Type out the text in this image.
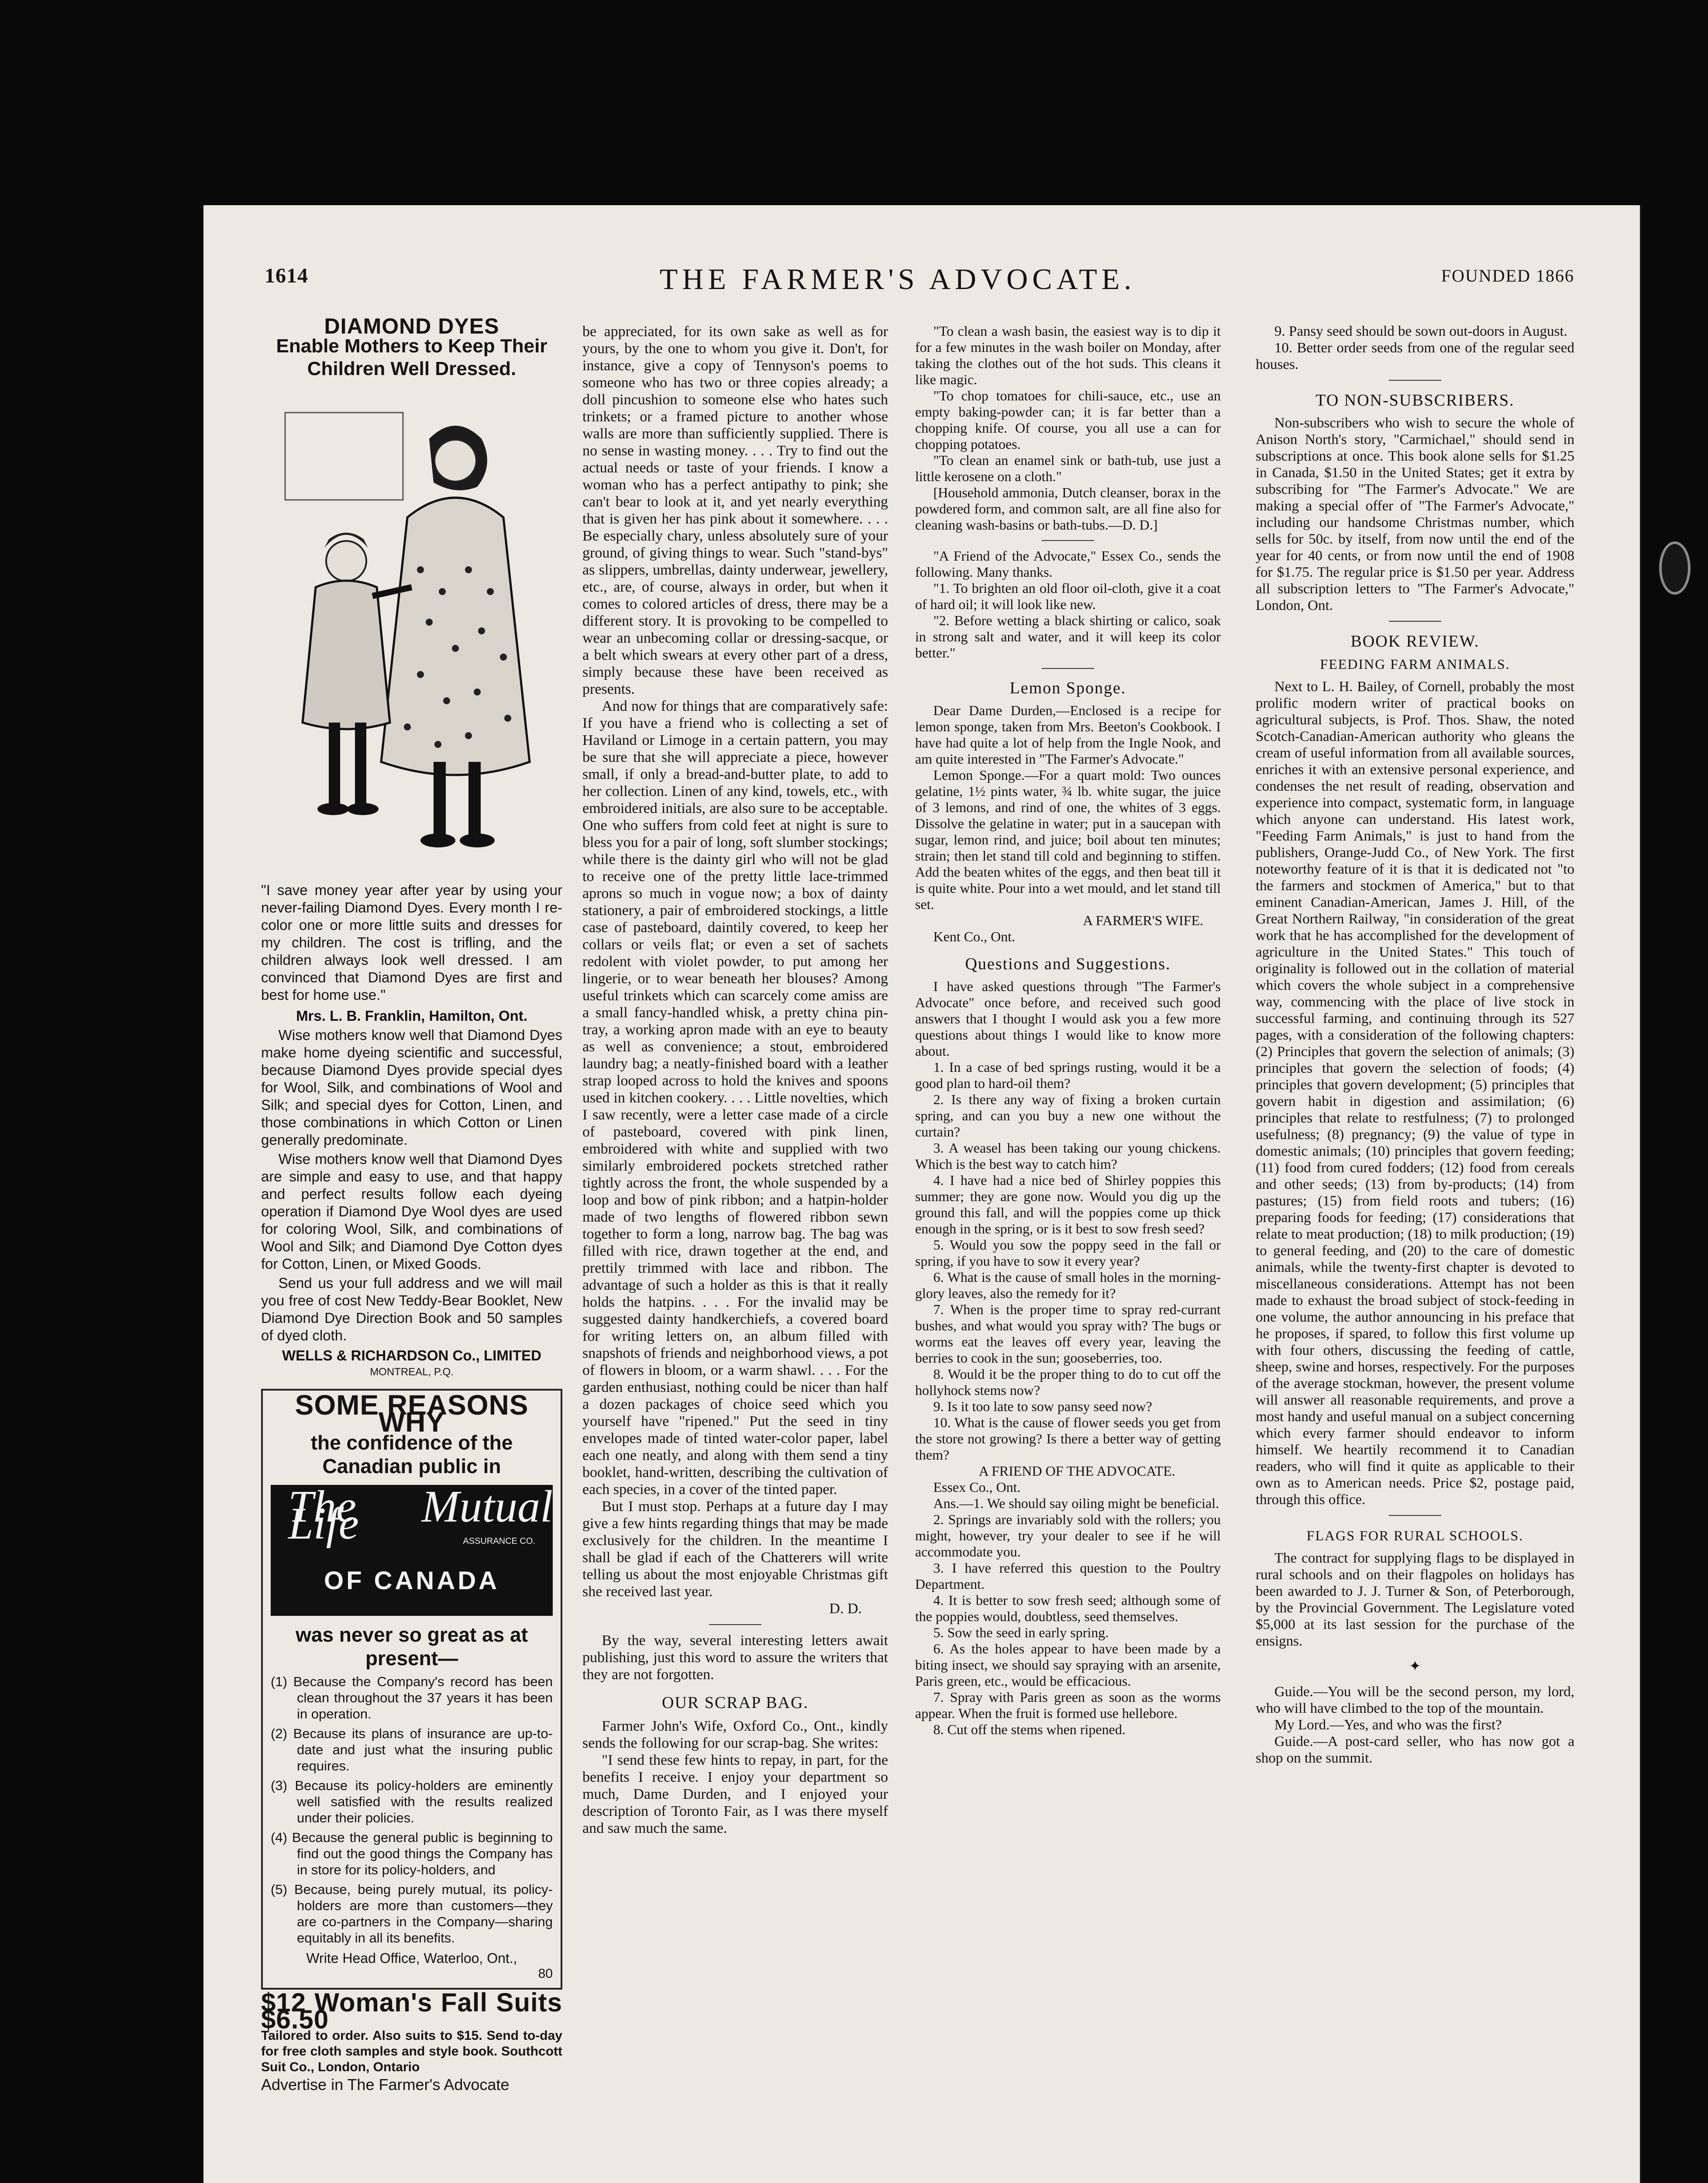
1614	THE FARMER'S ADVOCATE.	FOUNDED 1866
DIAMOND DYES
Enable Mothers to Keep Their Children Well Dressed.
"I save money year after year by using your never-failing Diamond Dyes. Every month I re-color one or more little suits and dresses for my children. The cost is trifling, and the children always look well dressed. I am convinced that Diamond Dyes are first and best for home use."
Mrs. L. B. Franklin, Hamilton, Ont.
Wise mothers know well that Diamond Dyes make home dyeing scientific and successful, because Diamond Dyes provide special dyes for Wool, Silk, and combinations of Wool and Silk; and special dyes for Cotton, Linen, and those combinations in which Cotton or Linen generally predominate.
Wise mothers know well that Diamond Dyes are simple and easy to use, and that happy and perfect results follow each dyeing operation if Diamond Dye Wool dyes are used for coloring Wool, Silk, and combinations of Wool and Silk; and Diamond Dye Cotton dyes for Cotton, Linen, or Mixed Goods.
Send us your full address and we will mail you free of cost New Teddy-Bear Booklet, New Diamond Dye Direction Book and 50 samples of dyed cloth.
WELLS & RICHARDSON Co., LIMITED
MONTREAL, P.Q.
SOME REASONS WHY
the confidence of the Canadian public in
The Mutual Life	ASSURANCE CO.
OF CANADA
was never so great as at present—
(1) Because the Company's record has been clean throughout the 37 years it has been in operation.
(2) Because its plans of insurance are up-to-date and just what the insuring public requires.
(3) Because its policy-holders are eminently well satisfied with the results realized under their policies.
(4) Because the general public is beginning to find out the good things the Company has in store for its policy-holders, and
(5) Because, being purely mutual, its policy-holders are more than customers—they are co-partners in the Company—sharing equitably in all its benefits.
Write Head Office, Waterloo, Ont.,
80
$12 Woman's Fall Suits $6.50
Tailored to order. Also suits to $15. Send to-day for free cloth samples and style book. Southcott Suit Co., London, Ontario
Advertise in The Farmer's Advocate

be appreciated, for its own sake as well as for yours, by the one to whom you give it. Don't, for instance, give a copy of Tennyson's poems to someone who has two or three copies already; a doll pincushion to someone else who hates such trinkets; or a framed picture to another whose walls are more than sufficiently supplied. There is no sense in wasting money. . . . Try to find out the actual needs or taste of your friends. I know a woman who has a perfect antipathy to pink; she can't bear to look at it, and yet nearly everything that is given her has pink about it somewhere. . . . Be especially chary, unless absolutely sure of your ground, of giving things to wear. Such "stand-bys" as slippers, umbrellas, dainty underwear, jewellery, etc., are, of course, always in order, but when it comes to colored articles of dress, there may be a different story. It is provoking to be compelled to wear an unbecoming collar or dressing-sacque, or a belt which swears at every other part of a dress, simply because these have been received as presents.

And now for things that are comparatively safe: If you have a friend who is collecting a set of Haviland or Limoge in a certain pattern, you may be sure that she will appreciate a piece, however small, if only a bread-and-butter plate, to add to her collection. Linen of any kind, towels, etc., with embroidered initials, are also sure to be acceptable. One who suffers from cold feet at night is sure to bless you for a pair of long, soft slumber stockings; while there is the dainty girl who will not be glad to receive one of the pretty little lace-trimmed aprons so much in vogue now; a box of dainty stationery, a pair of embroidered stockings, a little case of pasteboard, daintily covered, to keep her collars or veils flat; or even a set of sachets redolent with violet powder, to put among her lingerie, or to wear beneath her blouses? Among useful trinkets which can scarcely come amiss are a small fancy-handled whisk, a pretty china pin-tray, a working apron made with an eye to beauty as well as convenience; a stout, embroidered laundry bag; a neatly-finished board with a leather strap looped across to hold the knives and spoons used in kitchen cookery. . . . Little novelties, which I saw recently, were a letter case made of a circle of pasteboard, covered with pink linen, embroidered with white and supplied with two similarly embroidered pockets stretched rather tightly across the front, the whole suspended by a loop and bow of pink ribbon; and a hatpin-holder made of two lengths of flowered ribbon sewn together to form a long, narrow bag. The bag was filled with rice, drawn together at the end, and prettily trimmed with lace and ribbon. The advantage of such a holder as this is that it really holds the hatpins. . . . For the invalid may be suggested dainty handkerchiefs, a covered board for writing letters on, an album filled with snapshots of friends and neighborhood views, a pot of flowers in bloom, or a warm shawl. . . . For the garden enthusiast, nothing could be nicer than half a dozen packages of choice seed which you yourself have "ripened." Put the seed in tiny envelopes made of tinted water-color paper, label each one neatly, and along with them send a tiny booklet, hand-written, describing the cultivation of each species, in a cover of the tinted paper.

But I must stop. Perhaps at a future day I may give a few hints regarding things that may be made exclusively for the children. In the meantime I shall be glad if each of the Chatterers will write telling us about the most enjoyable Christmas gift she received last year.

D. D.

By the way, several interesting letters await publishing, just this word to assure the writers that they are not forgotten.

OUR SCRAP BAG.

Farmer John's Wife, Oxford Co., Ont., kindly sends the following for our scrap-bag. She writes:

"I send these few hints to repay, in part, for the benefits I receive. I enjoy your department so much, Dame Durden, and I enjoyed your description of Toronto Fair, as I was there myself and saw much the same.

"To clean a wash basin, the easiest way is to dip it for a few minutes in the wash boiler on Monday, after taking the clothes out of the hot suds. This cleans it like magic.

"To chop tomatoes for chili-sauce, etc., use an empty baking-powder can; it is far better than a chopping knife. Of course, you all use a can for chopping potatoes.

"To clean an enamel sink or bath-tub, use just a little kerosene on a cloth."

[Household ammonia, Dutch cleanser, borax in the powdered form, and common salt, are all fine also for cleaning wash-basins or bath-tubs.—D. D.]

"A Friend of the Advocate," Essex Co., sends the following. Many thanks.

"1. To brighten an old floor oil-cloth, give it a coat of hard oil; it will look like new.

"2. Before wetting a black shirting or calico, soak in strong salt and water, and it will keep its color better."

Lemon Sponge.

Dear Dame Durden,—Enclosed is a recipe for lemon sponge, taken from Mrs. Beeton's Cookbook. I have had quite a lot of help from the Ingle Nook, and am quite interested in "The Farmer's Advocate."

Lemon Sponge.—For a quart mold: Two ounces gelatine, 1½ pints water, ¾ lb. white sugar, the juice of 3 lemons, and rind of one, the whites of 3 eggs. Dissolve the gelatine in water; put in a saucepan with sugar, lemon rind, and juice; boil about ten minutes; strain; then let stand till cold and beginning to stiffen. Add the beaten whites of the eggs, and then beat till it is quite white. Pour into a wet mould, and let stand till set.

A FARMER'S WIFE.

Kent Co., Ont.

Questions and Suggestions.

I have asked questions through "The Farmer's Advocate" once before, and received such good answers that I thought I would ask you a few more questions about things I would like to know more about.

1. In a case of bed springs rusting, would it be a good plan to hard-oil them?

2. Is there any way of fixing a broken curtain spring, and can you buy a new one without the curtain?

3. A weasel has been taking our young chickens. Which is the best way to catch him?

4. I have had a nice bed of Shirley poppies this summer; they are gone now. Would you dig up the ground this fall, and will the poppies come up thick enough in the spring, or is it best to sow fresh seed?

5. Would you sow the poppy seed in the fall or spring, if you have to sow it every year?

6. What is the cause of small holes in the morning-glory leaves, also the remedy for it?

7. When is the proper time to spray red-currant bushes, and what would you spray with? The bugs or worms eat the leaves off every year, leaving the berries to cook in the sun; gooseberries, too.

8. Would it be the proper thing to do to cut off the hollyhock stems now?

9. Is it too late to sow pansy seed now?

10. What is the cause of flower seeds you get from the store not growing? Is there a better way of getting them?

A FRIEND OF THE ADVOCATE.

Essex Co., Ont.

Ans.—1. We should say oiling might be beneficial.

2. Springs are invariably sold with the rollers; you might, however, try your dealer to see if he will accommodate you.

3. I have referred this question to the Poultry Department.

4. It is better to sow fresh seed; although some of the poppies would, doubtless, seed themselves.

5. Sow the seed in early spring.

6. As the holes appear to have been made by a biting insect, we should say spraying with an arsenite, Paris green, etc., would be efficacious.

7. Spray with Paris green as soon as the worms appear. When the fruit is formed use hellebore.

8. Cut off the stems when ripened.

9. Pansy seed should be sown out-doors in August.

10. Better order seeds from one of the regular seed houses.

TO NON-SUBSCRIBERS.

Non-subscribers who wish to secure the whole of Anison North's story, "Carmichael," should send in subscriptions at once. This book alone sells for $1.25 in Canada, $1.50 in the United States; get it extra by subscribing for "The Farmer's Advocate." We are making a special offer of "The Farmer's Advocate," including our handsome Christmas number, which sells for 50c. by itself, from now until the end of the year for 40 cents, or from now until the end of 1908 for $1.75. The regular price is $1.50 per year. Address all subscription letters to "The Farmer's Advocate," London, Ont.

BOOK REVIEW.
FEEDING FARM ANIMALS.

Next to L. H. Bailey, of Cornell, probably the most prolific modern writer of practical books on agricultural subjects, is Prof. Thos. Shaw, the noted Scotch-Canadian-American authority who gleans the cream of useful information from all available sources, enriches it with an extensive personal experience, and condenses the net result of reading, observation and experience into compact, systematic form, in language which anyone can understand. His latest work, "Feeding Farm Animals," is just to hand from the publishers, Orange-Judd Co., of New York. The first noteworthy feature of it is that it is dedicated not "to the farmers and stockmen of America," but to that eminent Canadian-American, James J. Hill, of the Great Northern Railway, "in consideration of the great work that he has accomplished for the development of agriculture in the United States." This touch of originality is followed out in the collation of material which covers the whole subject in a comprehensive way, commencing with the place of live stock in successful farming, and continuing through its 527 pages, with a consideration of the following chapters: (2) Principles that govern the selection of animals; (3) principles that govern the selection of foods; (4) principles that govern development; (5) principles that govern habit in digestion and assimilation; (6) principles that relate to restfulness; (7) to prolonged usefulness; (8) pregnancy; (9) the value of type in domestic animals; (10) principles that govern feeding; (11) food from cured fodders; (12) food from cereals and other seeds; (13) from by-products; (14) from pastures; (15) from field roots and tubers; (16) preparing foods for feeding; (17) considerations that relate to meat production; (18) to milk production; (19) to general feeding, and (20) to the care of domestic animals, while the twenty-first chapter is devoted to miscellaneous considerations. Attempt has not been made to exhaust the broad subject of stock-feeding in one volume, the author announcing in his preface that he proposes, if spared, to follow this first volume up with four others, discussing the feeding of cattle, sheep, swine and horses, respectively. For the purposes of the average stockman, however, the present volume will answer all reasonable requirements, and prove a most handy and useful manual on a subject concerning which every farmer should endeavor to inform himself. We heartily recommend it to Canadian readers, who will find it quite as applicable to their own as to American needs. Price $2, postage paid, through this office.

FLAGS FOR RURAL SCHOOLS.

The contract for supplying flags to be displayed in rural schools and on their flagpoles on holidays has been awarded to J. J. Turner & Son, of Peterborough, by the Provincial Government. The Legislature voted $5,000 at its last session for the purchase of the ensigns.

✦

Guide.—You will be the second person, my lord, who will have climbed to the top of the mountain.

My Lord.—Yes, and who was the first?

Guide.—A post-card seller, who has now got a shop on the summit.
